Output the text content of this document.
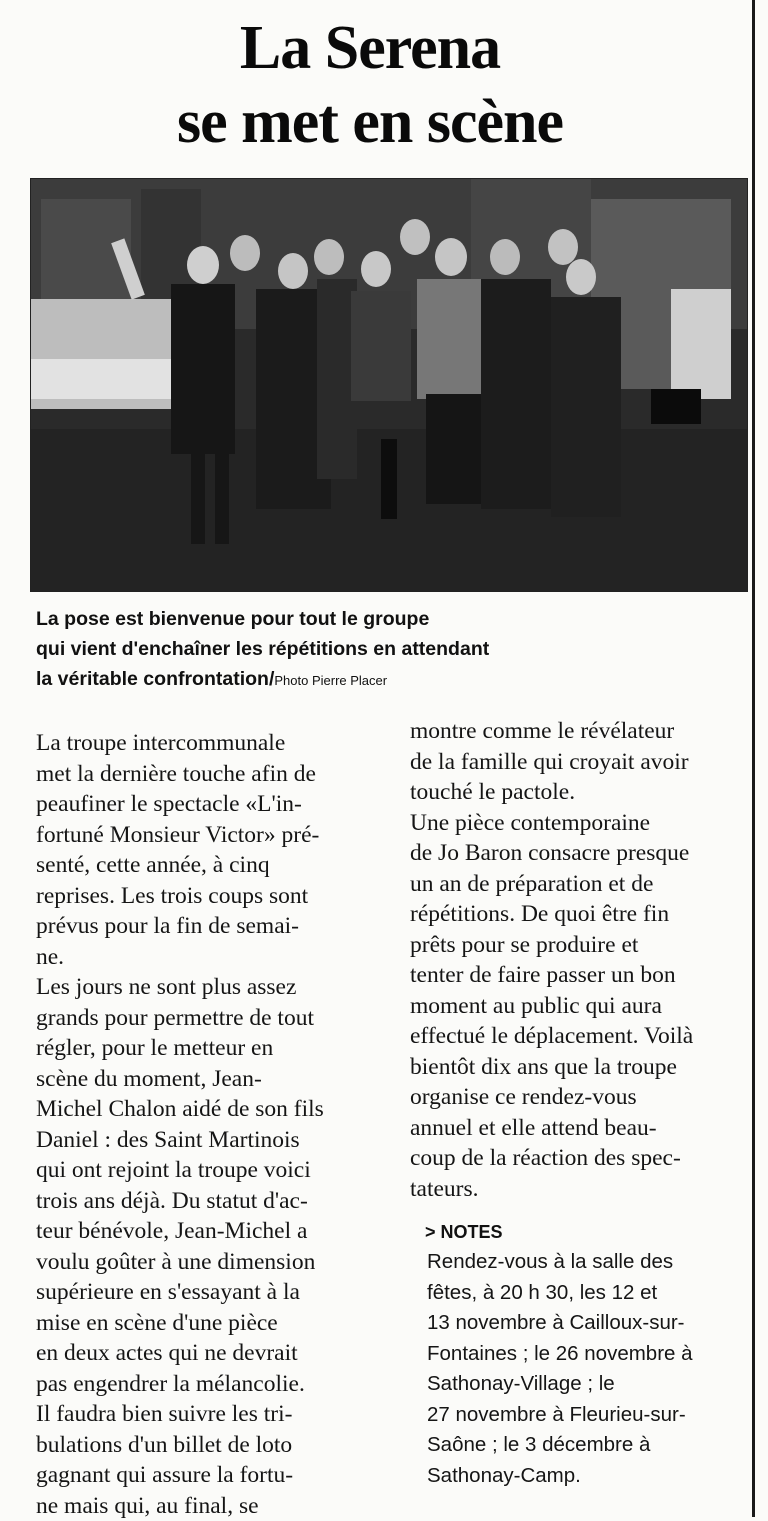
La Serena
se met en scène
La pose est bienvenue pour tout le groupe
qui vient d'enchaîner les répétitions en attendant
la véritable confrontation/Photo Pierre Placer
La troupe intercommunale
met la dernière touche afin de
peaufiner le spectacle «L'in-
fortuné Monsieur Victor» pré-
senté, cette année, à cinq
reprises. Les trois coups sont
prévus pour la fin de semai-
ne.
Les jours ne sont plus assez
grands pour permettre de tout
régler, pour le metteur en
scène du moment, Jean-
Michel Chalon aidé de son fils
Daniel : des Saint Martinois
qui ont rejoint la troupe voici
trois ans déjà. Du statut d'ac-
teur bénévole, Jean-Michel a
voulu goûter à une dimension
supérieure en s'essayant à la
mise en scène d'une pièce
en deux actes qui ne devrait
pas engendrer la mélancolie.
Il faudra bien suivre les tri-
bulations d'un billet de loto
gagnant qui assure la fortu-
ne mais qui, au final, se
montre comme le révélateur
de la famille qui croyait avoir
touché le pactole.
Une pièce contemporaine
de Jo Baron consacre presque
un an de préparation et de
répétitions. De quoi être fin
prêts pour se produire et
tenter de faire passer un bon
moment au public qui aura
effectué le déplacement. Voilà
bientôt dix ans que la troupe
organise ce rendez-vous
annuel et elle attend beau-
coup de la réaction des spec-
tateurs.
> NOTES
Rendez-vous à la salle des
fêtes, à 20 h 30, les 12 et
13 novembre à Cailloux-sur-
Fontaines ; le 26 novembre à
Sathonay-Village ; le
27 novembre à Fleurieu-sur-
Saône ; le 3 décembre à
Sathonay-Camp.
